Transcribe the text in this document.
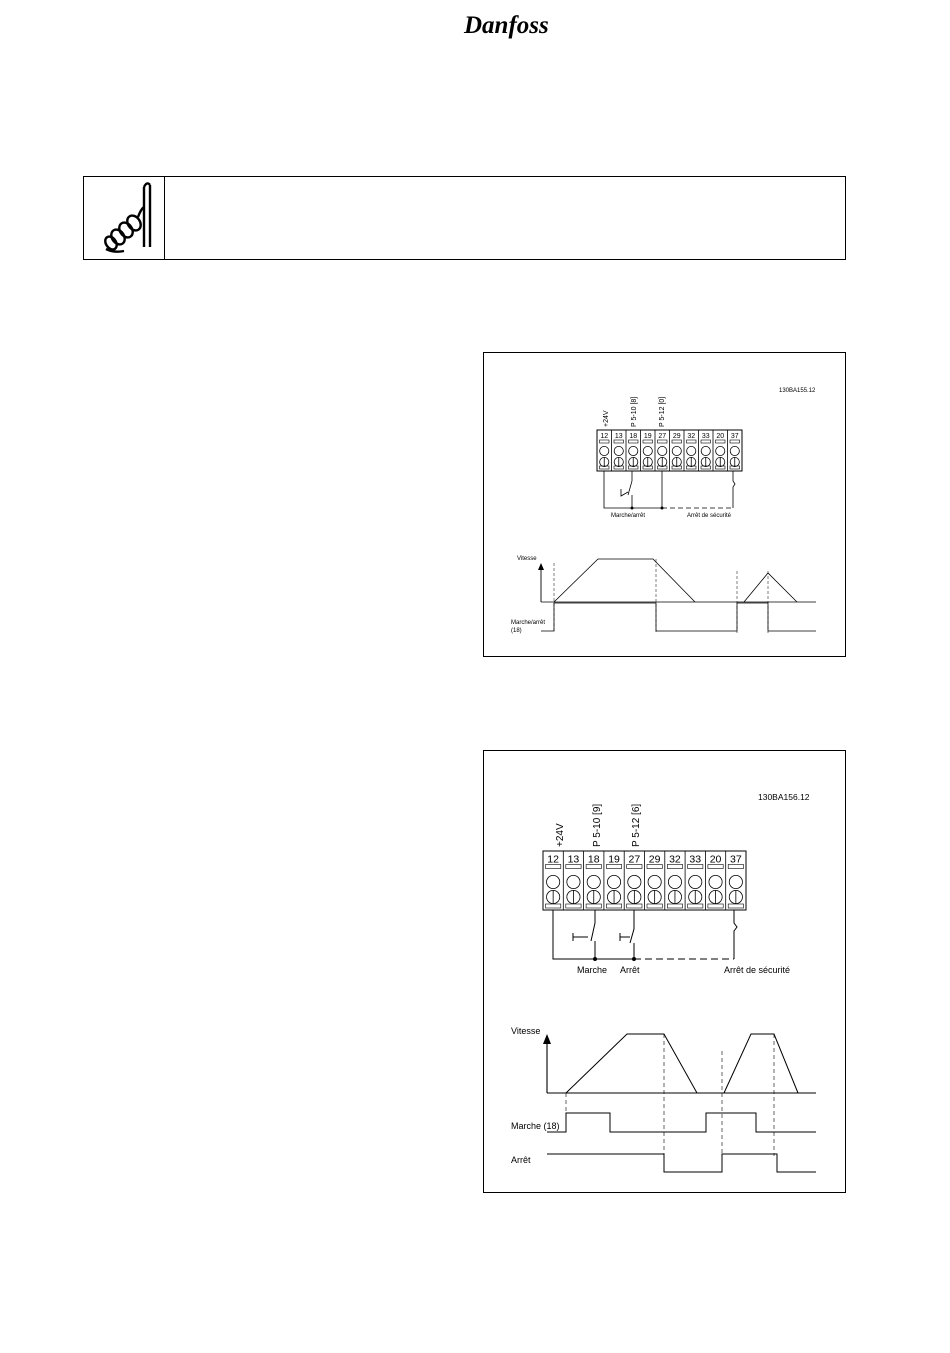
Danfoss
130BA155.12
+24V	P 5-10 [8]	P 5-12 [0]
12 13 18 19 27 29 32 33 20 37
Marche/arrêt	Arrêt de sécurité
Vitesse
Marche/arrêt
(18)
130BA156.12
+24V	P 5-10 [9]	P 5-12 [6]
12 13 18 19 27 29 32 33 20 37
Marche Arrêt	Arrêt de sécurité
Vitesse
Marche (18)
Arrêt
